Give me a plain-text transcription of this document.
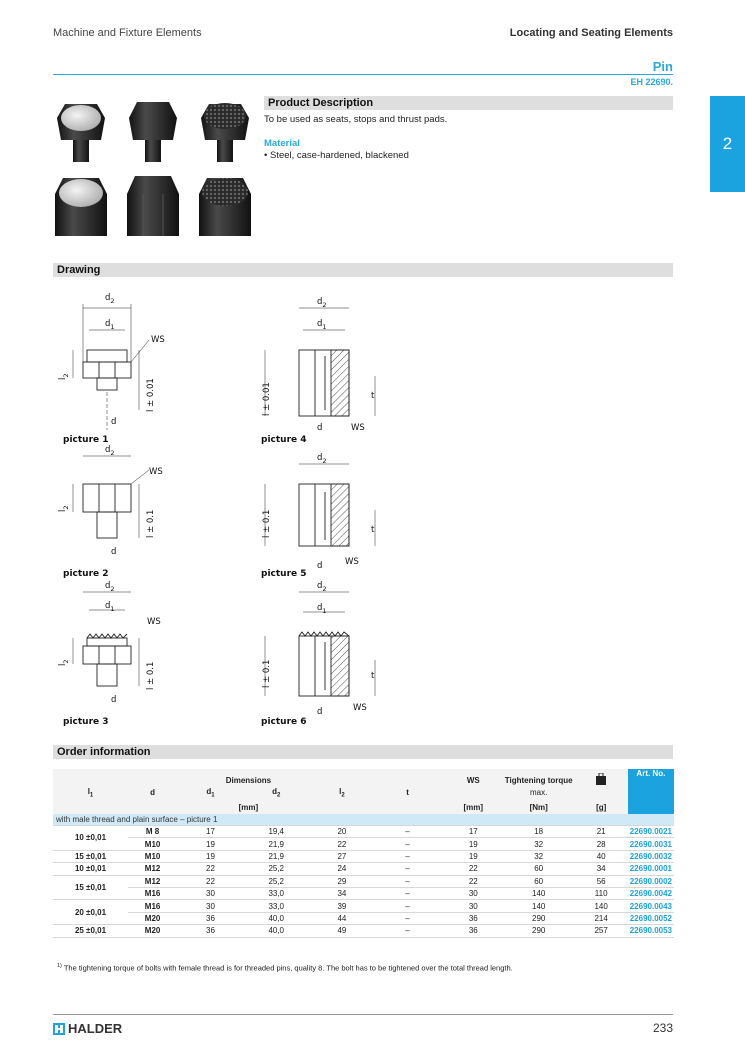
Machine and Fixture Elements	Locating and Seating Elements
Pin
EH 22690.
2
Product Description
To be used as seats, stops and thrust pads.
Material
• Steel, case-hardened, blackened
Drawing
$d_2$
$d_1$
WS
d
$l_2$
l ± 0.01
picture 1
$d_2$
WS
d
$l_2$
l ± 0.1
picture 2
$d_2$
$d_1$
WS
d
$l_2$
l ± 0.1
picture 3
$d_2$
$d_1$
t
d	WS
l ± 0.01
picture 4
$d_2$
t
d	WS
l ± 0.1
picture 5
$d_2$
$d_1$
t
d	WS
l ± 0.1
picture 6
Order information
Dimensions							WS	Tightening torque		Art. No.
$l_1$	d	$d_1$	$d_2$	$l_2$	t			max.		
[mm]							[mm]	[Nm]	[g]	
with male thread and plain surface – picture 1										
10 ±0,01	M 8	17	19,4	20	–		17	18	21	22690.0021
	M10	19	21,9	22	–		19	32	28	22690.0031
15 ±0,01	M10	19	21,9	27	–		19	32	40	22690.0032
10 ±0,01	M12	22	25,2	24	–		22	60	34	22690.0001
15 ±0,01	M12	22	25,2	29	–		22	60	56	22690.0002
	M16	30	33,0	34	–		30	140	110	22690.0042
20 ±0,01	M16	30	33,0	39	–		30	140	140	22690.0043
	M20	36	40,0	44	–		36	290	214	22690.0052
25 ±0,01	M20	36	40,0	49	–		36	290	257	22690.0053
$^{1)}$ The tightening torque of bolts with female thread is for threaded pins, quality 8. The bolt has to be tightened over the total thread length.
HALDER	233
